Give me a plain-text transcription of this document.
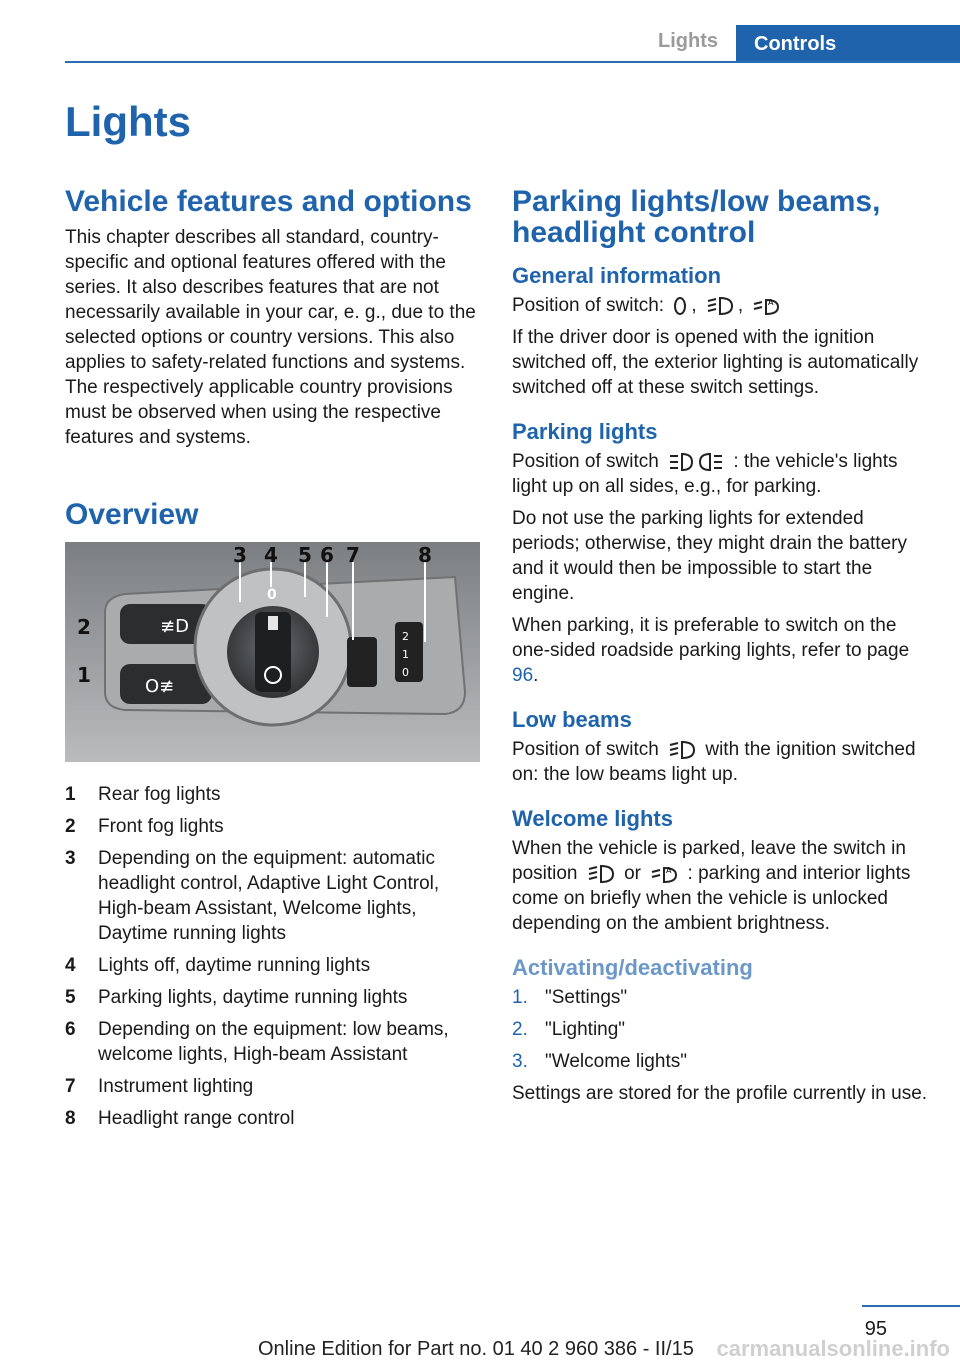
Lights	Controls
Lights
Vehicle features and options

This chapter describes all standard, country-specific and optional features offered with the series. It also describes features that are not necessarily available in your car, e. g., due to the selected options or country versions. This also applies to safety-related functions and systems. The respectively applicable country provisions must be observed when using the respective features and systems.

Overview
≢D
O≢
0
2
1
0
1
2
3 4 5 6 7	8
1	Rear fog lights
2	Front fog lights
3	Depending on the equipment: automatic headlight control, Adaptive Light Control, High-beam Assistant, Welcome lights, Daytime running lights
4	Lights off, daytime running lights
5	Parking lights, daytime running lights
6	Depending on the equipment: low beams, welcome lights, High-beam Assistant
7	Instrument lighting
8	Headlight range control
Parking lights/low beams, headlight control
General information

Position of switch: , ,	A

If the driver door is opened with the ignition switched off, the exterior lighting is automatically switched off at these switch settings.

Parking lights

Position of switch	: the vehicle's lights light up on all sides, e.g., for parking.

Do not use the parking lights for extended periods; otherwise, they might drain the battery and it would then be impossible to start the engine.

When parking, it is preferable to switch on the one-sided roadside parking lights, refer to page 96.

Low beams

Position of switch with the ignition switched on: the low beams light up.

Welcome lights

When the vehicle is parked, leave the switch in position or	A : parking and interior lights come on briefly when the vehicle is unlocked depending on the ambient brightness.

Activating/deactivating
1. "Settings"
2. "Lighting"
3. "Welcome lights"

Settings are stored for the profile currently in use.

95
Online Edition for Part no. 01 40 2 960 386 - II/15 carmanualsonline.info
